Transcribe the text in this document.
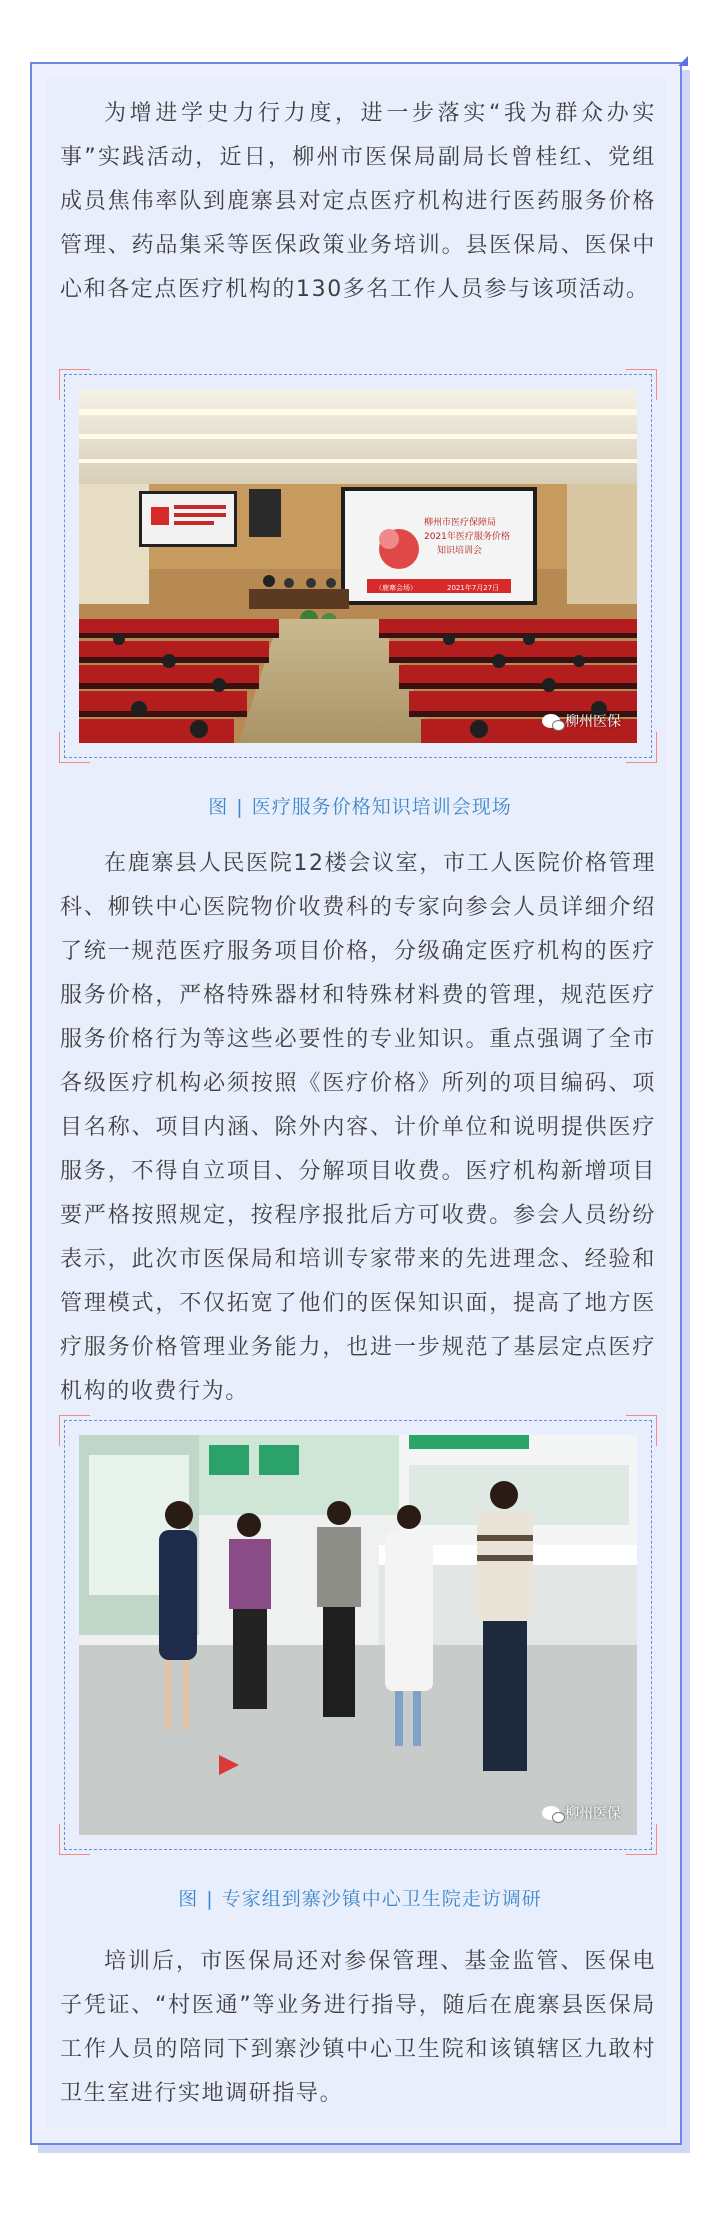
为增进学史力行力度，进一步落实“我为群众办实事”实践活动，近日，柳州市医保局副局长曾桂红、党组成员焦伟率队到鹿寨县对定点医疗机构进行医药服务价格管理、药品集采等医保政策业务培训。县医保局、医保中心和各定点医疗机构的130多名工作人员参与该项活动。

柳州市医疗保障局
2021年医疗服务价格
知识培训会
（鹿寨会场）	2021年7月27日
柳州医保
图 | 医疗服务价格知识培训会现场

在鹿寨县人民医院12楼会议室，市工人医院价格管理科、柳铁中心医院物价收费科的专家向参会人员详细介绍了统一规范医疗服务项目价格，分级确定医疗机构的医疗服务价格，严格特殊器材和特殊材料费的管理，规范医疗服务价格行为等这些必要性的专业知识。重点强调了全市各级医疗机构必须按照《医疗价格》所列的项目编码、项目名称、项目内涵、除外内容、计价单位和说明提供医疗服务，不得自立项目、分解项目收费。医疗机构新增项目要严格按照规定，按程序报批后方可收费。参会人员纷纷表示，此次市医保局和培训专家带来的先进理念、经验和管理模式，不仅拓宽了他们的医保知识面，提高了地方医疗服务价格管理业务能力，也进一步规范了基层定点医疗机构的收费行为。

柳州医保
图 | 专家组到寨沙镇中心卫生院走访调研

培训后，市医保局还对参保管理、基金监管、医保电子凭证、“村医通”等业务进行指导，随后在鹿寨县医保局工作人员的陪同下到寨沙镇中心卫生院和该镇辖区九敢村卫生室进行实地调研指导。
